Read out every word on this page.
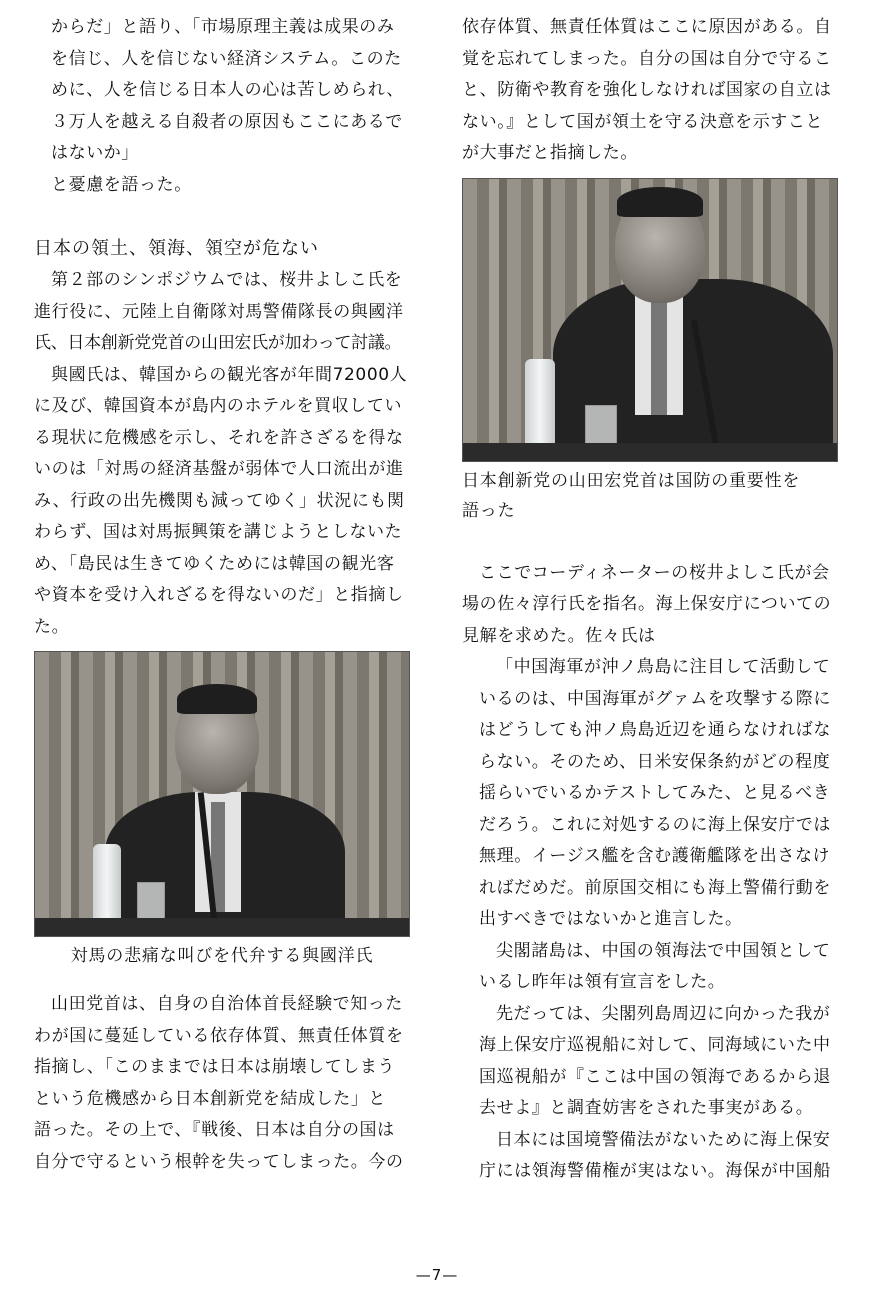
からだ」と語り、「市場原理主義は成果のみ

を信じ、人を信じない経済システム。このた

めに、人を信じる日本人の心は苦しめられ、

３万人を越える自殺者の原因もここにあるで

はないか」

と憂慮を語った。

日本の領土、領海、領空が危ない

第２部のシンポジウムでは、桜井よしこ氏を

進行役に、元陸上自衛隊対馬警備隊長の與國洋

氏、日本創新党党首の山田宏氏が加わって討議。

與國氏は、韓国からの観光客が年間72000人

に及び、韓国資本が島内のホテルを買収してい

る現状に危機感を示し、それを許さざるを得な

いのは「対馬の経済基盤が弱体で人口流出が進

み、行政の出先機関も減ってゆく」状況にも関

わらず、国は対馬振興策を講じようとしないた

め、「島民は生きてゆくためには韓国の観光客

や資本を受け入れざるを得ないのだ」と指摘し

た。

対馬の悲痛な叫びを代弁する與國洋氏

山田党首は、自身の自治体首長経験で知った

わが国に蔓延している依存体質、無責任体質を

指摘し、「このままでは日本は崩壊してしまう

という危機感から日本創新党を結成した」と

語った。その上で、『戦後、日本は自分の国は

自分で守るという根幹を失ってしまった。今の

依存体質、無責任体質はここに原因がある。自

覚を忘れてしまった。自分の国は自分で守るこ

と、防衛や教育を強化しなければ国家の自立は

ない。』として国が領土を守る決意を示すこと

が大事だと指摘した。

日本創新党の山田宏党首は国防の重要性を
語った

ここでコーディネーターの桜井よしこ氏が会

場の佐々淳行氏を指名。海上保安庁についての

見解を求めた。佐々氏は

「中国海軍が沖ノ鳥島に注目して活動して

いるのは、中国海軍がグァムを攻撃する際に

はどうしても沖ノ鳥島近辺を通らなければな

らない。そのため、日米安保条約がどの程度

揺らいでいるかテストしてみた、と見るべき

だろう。これに対処するのに海上保安庁では

無理。イージス艦を含む護衛艦隊を出さなけ

ればだめだ。前原国交相にも海上警備行動を

出すべきではないかと進言した。

尖閣諸島は、中国の領海法で中国領として

いるし昨年は領有宣言をした。

先だっては、尖閣列島周辺に向かった我が

海上保安庁巡視船に対して、同海域にいた中

国巡視船が『ここは中国の領海であるから退

去せよ』と調査妨害をされた事実がある。

日本には国境警備法がないために海上保安

庁には領海警備権が実はない。海保が中国船

—7—
